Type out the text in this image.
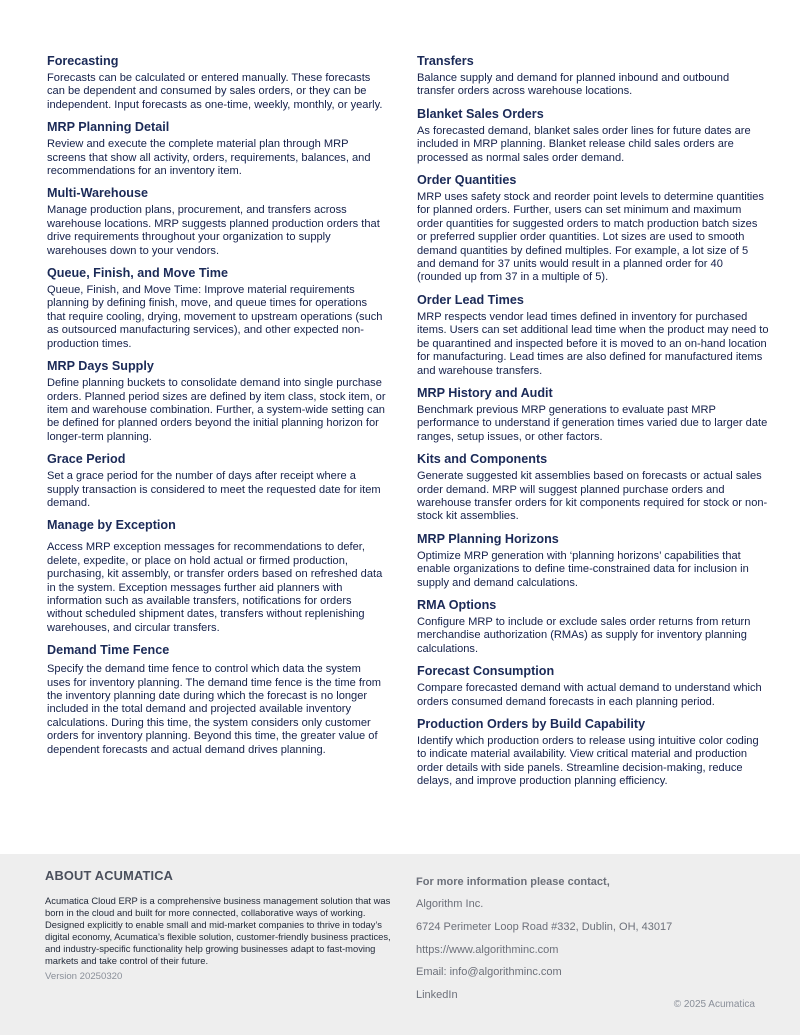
Forecasting

Forecasts can be calculated or entered manually. These forecasts can be dependent and consumed by sales orders, or they can be independent. Input forecasts as one-time, weekly, monthly, or yearly.

MRP Planning Detail

Review and execute the complete material plan through MRP screens that show all activity, orders, requirements, balances, and recommendations for an inventory item.

Multi-Warehouse

Manage production plans, procurement, and transfers across warehouse locations. MRP suggests planned production orders that drive requirements throughout your organization to supply warehouses down to your vendors.

Queue, Finish, and Move Time

Queue, Finish, and Move Time: Improve material requirements planning by defining finish, move, and queue times for operations that require cooling, drying, movement to upstream operations (such as outsourced manufacturing services), and other expected non-production times.

MRP Days Supply

Define planning buckets to consolidate demand into single purchase orders. Planned period sizes are defined by item class, stock item, or item and warehouse combination. Further, a system-wide setting can be defined for planned orders beyond the initial planning horizon for longer-term planning.

Grace Period

Set a grace period for the number of days after receipt where a supply transaction is considered to meet the requested date for item demand.

Manage by Exception

Access MRP exception messages for recommendations to defer, delete, expedite, or place on hold actual or firmed production, purchasing, kit assembly, or transfer orders based on refreshed data in the system. Exception messages further aid planners with information such as available transfers, notifications for orders without scheduled shipment dates, transfers without replenishing warehouses, and circular transfers.

Demand Time Fence

Specify the demand time fence to control which data the system uses for inventory planning. The demand time fence is the time from the inventory planning date during which the forecast is no longer included in the total demand and projected available inventory calculations. During this time, the system considers only customer orders for inventory planning. Beyond this time, the greater value of dependent forecasts and actual demand drives planning.

Transfers

Balance supply and demand for planned inbound and outbound transfer orders across warehouse locations.

Blanket Sales Orders

As forecasted demand, blanket sales order lines for future dates are included in MRP planning. Blanket release child sales orders are processed as normal sales order demand.

Order Quantities

MRP uses safety stock and reorder point levels to determine quantities for planned orders. Further, users can set minimum and maximum order quantities for suggested orders to match production batch sizes or preferred supplier order quantities. Lot sizes are used to smooth demand quantities by defined multiples. For example, a lot size of 5 and demand for 37 units would result in a planned order for 40 (rounded up from 37 in a multiple of 5).

Order Lead Times

MRP respects vendor lead times defined in inventory for purchased items. Users can set additional lead time when the product may need to be quarantined and inspected before it is moved to an on-hand location for manufacturing. Lead times are also defined for manufactured items and warehouse transfers.

MRP History and Audit

Benchmark previous MRP generations to evaluate past MRP performance to understand if generation times varied due to larger date ranges, setup issues, or other factors.

Kits and Components

Generate suggested kit assemblies based on forecasts or actual sales order demand. MRP will suggest planned purchase orders and warehouse transfer orders for kit components required for stock or non-stock kit assemblies.

MRP Planning Horizons

Optimize MRP generation with ‘planning horizons’ capabilities that enable organizations to define time-constrained data for inclusion in supply and demand calculations.

RMA Options

Configure MRP to include or exclude sales order returns from return merchandise authorization (RMAs) as supply for inventory planning calculations.

Forecast Consumption

Compare forecasted demand with actual demand to understand which orders consumed demand forecasts in each planning period.

Production Orders by Build Capability

Identify which production orders to release using intuitive color coding to indicate material availability. View critical material and production order details with side panels. Streamline decision-making, reduce delays, and improve production planning efficiency.

ABOUT ACUMATICA

Acumatica Cloud ERP is a comprehensive business management solution that was born in the cloud and built for more connected, collaborative ways of working. Designed explicitly to enable small and mid-market companies to thrive in today’s digital economy, Acumatica’s flexible solution, customer-friendly business practices, and industry-specific functionality help growing businesses adapt to fast-moving markets and take control of their future.

Version 20250320
For more information please contact,
Algorithm Inc.
6724 Perimeter Loop Road #332, Dublin, OH, 43017
https://www.algorithminc.com
Email: info@algorithminc.com
LinkedIn
© 2025 Acumatica
